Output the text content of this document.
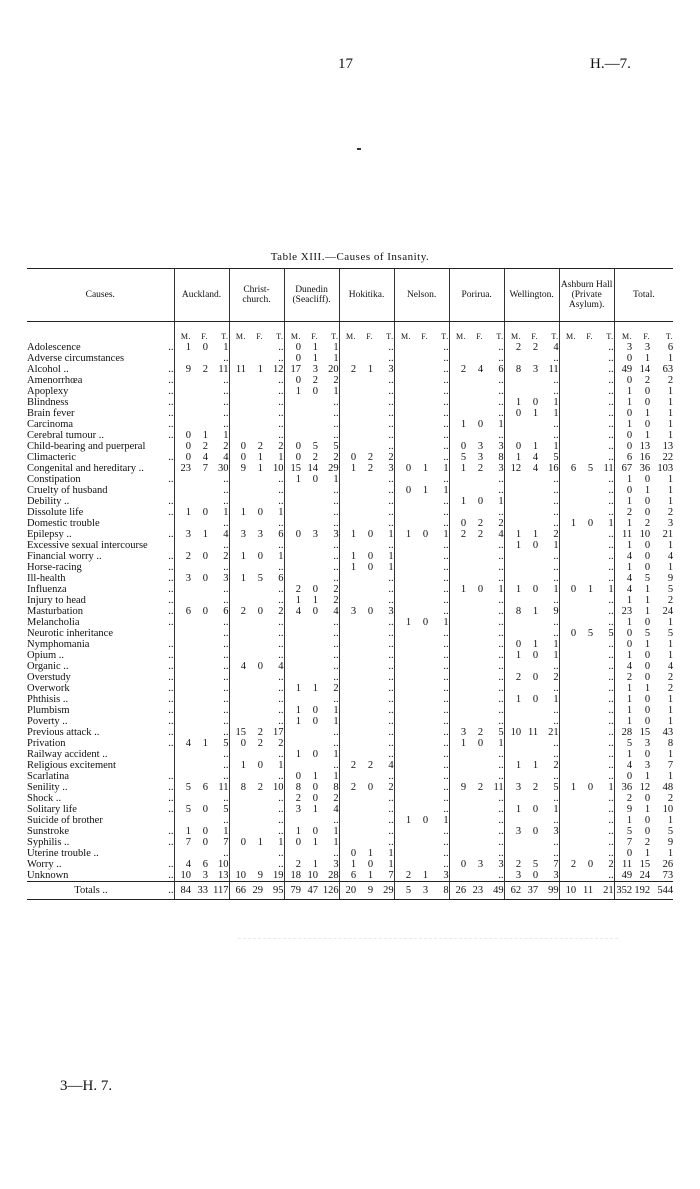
17	H.—7.
Table XIII.—Causes of Insanity.
Causes.		Auckland.			Christ-church.			Dunedin (Seacliff).			Hokitika.			Nelson.			Porirua.			Wellington.			Ashburn Hall (Private Asylum).			Total.		
		M.	F.	T.	M.	F.	T.	M.	F.	T.	M.	F.	T.	M.	F.	T.	M.	F.	T.	M.	F.	T.	M.	F.	T.	M.	F.	T.
Adolescence	..	1	0	1			..	0	1	1			..			..			..	2	2	4			..	3	3	6
Adverse circumstances				..			..	0	1	1			..			..			..			..			..	0	1	1
Alcohol ..	..	9	2	11	11	1	12	17	3	20	2	1	3			..	2	4	6	8	3	11			..	49	14	63
Amenorrhœa	..			..			..	0	2	2			..			..			..			..			..	0	2	2
Apoplexy	..			..			..	1	0	1			..			..			..			..			..	1	0	1
Blindness	..			..			..			..			..			..			..	1	0	1			..	1	0	1
Brain fever	..			..			..			..			..			..			..	0	1	1			..	0	1	1
Carcinoma	..			..			..			..			..			..	1	0	1			..			..	1	0	1
Cerebral tumour ..	..	0	1	1			..			..			..			..			..			..			..	0	1	1
Child-bearing and puerperal		0	2	2	0	2	2	0	5	5			..			..	0	3	3	0	1	1			..	0	13	13
Climacteric	..	0	4	4	0	1	1	0	2	2	0	2	2			..	5	3	8	1	4	5			..	6	16	22
Congenital and hereditary ..		23	7	30	9	1	10	15	14	29	1	2	3	0	1	1	1	2	3	12	4	16	6	5	11	67	36	103
Constipation	..			..			..	1	0	1			..			..			..			..			..	1	0	1
Cruelty of husband				..			..			..			..	0	1	1			..			..			..	0	1	1
Debility ..	..			..			..			..			..			..	1	0	1			..			..	1	0	1
Dissolute life	..	1	0	1	1	0	1			..			..			..			..			..			..	2	0	2
Domestic trouble				..			..			..			..			..	0	2	2			..	1	0	1	1	2	3
Epilepsy ..	..	3	1	4	3	3	6	0	3	3	1	0	1	1	0	1	2	2	4	1	1	2			..	11	10	21
Excessive sexual intercourse				..			..			..			..			..			..	1	0	1			..	1	0	1
Financial worry ..	..	2	0	2	1	0	1			..	1	0	1			..			..			..			..	4	0	4
Horse-racing	..			..			..			..	1	0	1			..			..			..			..	1	0	1
Ill-health	..	3	0	3	1	5	6			..			..			..			..			..			..	4	5	9
Influenza	..			..			..	2	0	2			..			..	1	0	1	1	0	1	0	1	1	4	1	5
Injury to head	..			..			..	1	1	2			..			..			..			..			..	1	1	2
Masturbation	..	6	0	6	2	0	2	4	0	4	3	0	3			..			..	8	1	9			..	23	1	24
Melancholia	..			..			..			..			..	1	0	1			..			..			..	1	0	1
Neurotic inheritance				..			..			..			..			..			..			..	0	5	5	0	5	5
Nymphomania	..			..			..			..			..			..			..	0	1	1			..	0	1	1
Opium ..	..			..			..			..			..			..			..	1	0	1			..	1	0	1
Organic ..	..			..	4	0	4			..			..			..			..			..			..	4	0	4
Overstudy	..			..			..			..			..			..			..	2	0	2			..	2	0	2
Overwork	..			..			..	1	1	2			..			..			..			..			..	1	1	2
Phthisis ..	..			..			..			..			..			..			..	1	0	1			..	1	0	1
Plumbism	..			..			..	1	0	1			..			..			..			..			..	1	0	1
Poverty ..	..			..			..	1	0	1			..			..			..			..			..	1	0	1
Previous attack ..	..			..	15	2	17			..			..			..	3	2	5	10	11	21			..	28	15	43
Privation	..	4	1	5	0	2	2			..			..			..	1	0	1			..			..	5	3	8
Railway accident ..				..			..	1	0	1			..			..			..			..			..	1	0	1
Religious excitement				..	1	0	1			..	2	2	4			..			..	1	1	2			..	4	3	7
Scarlatina	..			..			..	0	1	1			..			..			..			..			..	0	1	1
Senility ..	..	5	6	11	8	2	10	8	0	8	2	0	2			..	9	2	11	3	2	5	1	0	1	36	12	48
Shock ..	..			..			..	2	0	2			..			..			..			..			..	2	0	2
Solitary life	..	5	0	5			..	3	1	4			..			..			..	1	0	1			..	9	1	10
Suicide of brother				..			..			..			..	1	0	1			..			..			..	1	0	1
Sunstroke	..	1	0	1			..	1	0	1			..			..			..	3	0	3			..	5	0	5
Syphilis ..	..	7	0	7	0	1	1	0	1	1			..			..			..			..			..	7	2	9
Uterine trouble ..				..			..			..	0	1	1			..			..			..			..	0	1	1
Worry ..	..	4	6	10			..	2	1	3	1	0	1			..	0	3	3	2	5	7	2	0	2	11	15	26
Unknown	..	10	3	13	10	9	19	18	10	28	6	1	7	2	1	3			..	3	0	3			..	49	24	73
Totals ..	..	84	33	117	66	29	95	79	47	126	20	9	29	5	3	8	26	23	49	62	37	99	10	11	21	352	192	544
3—H. 7.
